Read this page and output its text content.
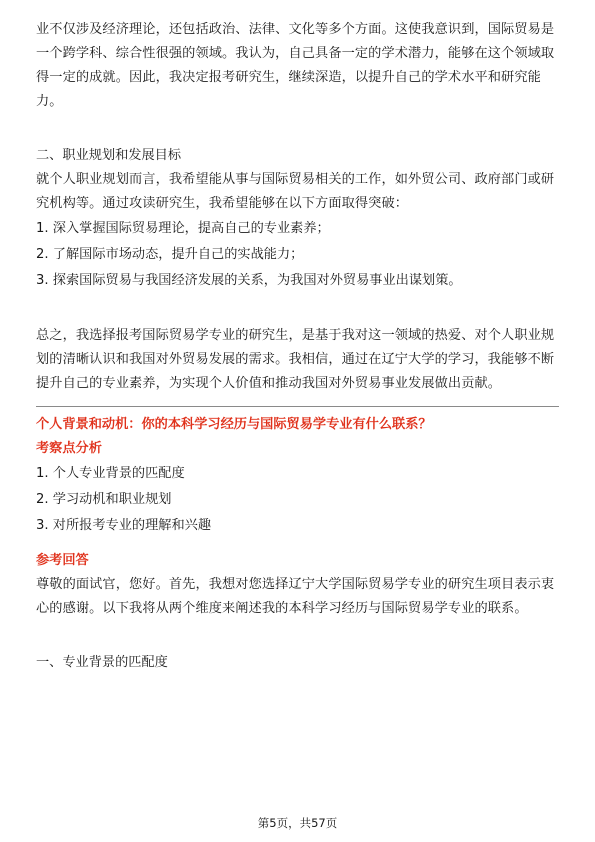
业不仅涉及经济理论，还包括政治、法律、文化等多个方面。这使我意识到，国际贸易是一个跨学科、综合性很强的领域。我认为，自己具备一定的学术潜力，能够在这个领域取得一定的成就。因此，我决定报考研究生，继续深造，以提升自己的学术水平和研究能力。

二、职业规划和发展目标

就个人职业规划而言，我希望能从事与国际贸易相关的工作，如外贸公司、政府部门或研究机构等。通过攻读研究生，我希望能够在以下方面取得突破：

1. 深入掌握国际贸易理论，提高自己的专业素养；

2. 了解国际市场动态，提升自己的实战能力；

3. 探索国际贸易与我国经济发展的关系，为我国对外贸易事业出谋划策。

总之，我选择报考国际贸易学专业的研究生，是基于我对这一领域的热爱、对个人职业规划的清晰认识和我国对外贸易发展的需求。我相信，通过在辽宁大学的学习，我能够不断提升自己的专业素养，为实现个人价值和推动我国对外贸易事业发展做出贡献。

个人背景和动机：你的本科学习经历与国际贸易学专业有什么联系？

考察点分析

1. 个人专业背景的匹配度

2. 学习动机和职业规划

3. 对所报考专业的理解和兴趣

参考回答

尊敬的面试官，您好。首先，我想对您选择辽宁大学国际贸易学专业的研究生项目表示衷心的感谢。以下我将从两个维度来阐述我的本科学习经历与国际贸易学专业的联系。

一、专业背景的匹配度

第5页，共57页
